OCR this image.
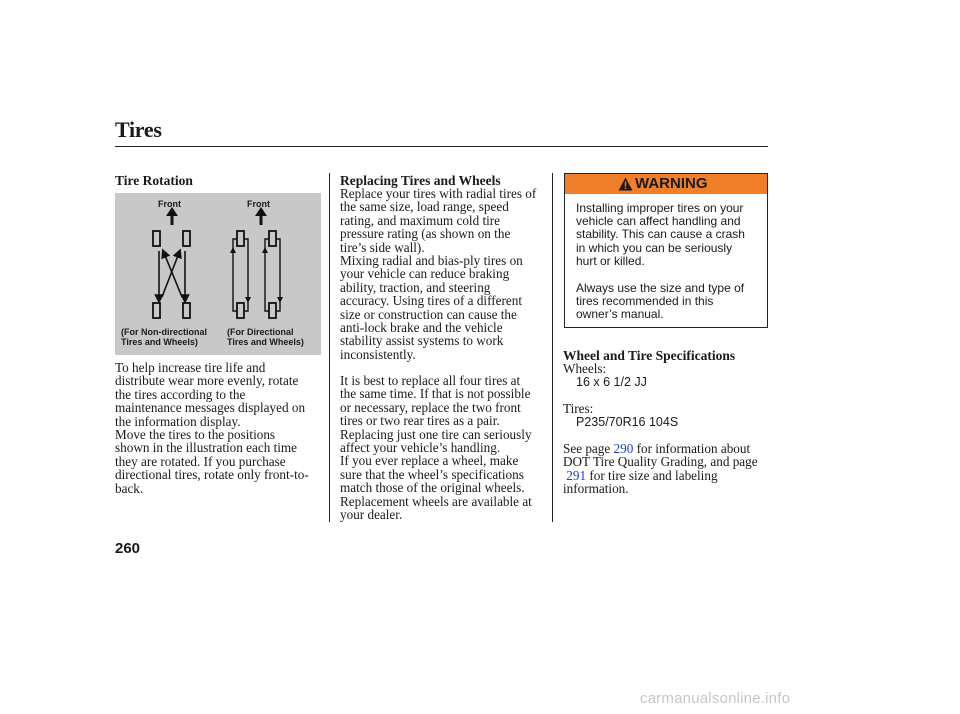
Tires
Tire Rotation
Front	Front
(For Non-directional
Tires and Wheels)
(For Directional
Tires and Wheels)
To help increase tire life and
distribute wear more evenly, rotate
the tires according to the
maintenance messages displayed on
the information display.
Move the tires to the positions
shown in the illustration each time
they are rotated. If you purchase
directional tires, rotate only front-to-
back.
Replacing Tires and Wheels
Replace your tires with radial tires of
the same size, load range, speed
rating, and maximum cold tire
pressure rating (as shown on the
tire’s side wall).
Mixing radial and bias-ply tires on
your vehicle can reduce braking
ability, traction, and steering
accuracy. Using tires of a different
size or construction can cause the
anti-lock brake and the vehicle
stability assist systems to work
inconsistently.
It is best to replace all four tires at
the same time. If that is not possible
or necessary, replace the two front
tires or two rear tires as a pair.
Replacing just one tire can seriously
affect your vehicle’s handling.
If you ever replace a wheel, make
sure that the wheel’s specifications
match those of the original wheels.
Replacement wheels are available at
your dealer.
WARNING
Installing improper tires on your
vehicle can affect handling and
stability. This can cause a crash
in which you can be seriously
hurt or killed.
Always use the size and type of
tires recommended in this
owner’s manual.
Wheel and Tire Specifications
Wheels:
16 x 6 1/2 JJ
Tires:
P235/70R16 104S
See page 290 for information about
DOT Tire Quality Grading, and page
291 for tire size and labeling
information.
260
carmanualsonline.info
